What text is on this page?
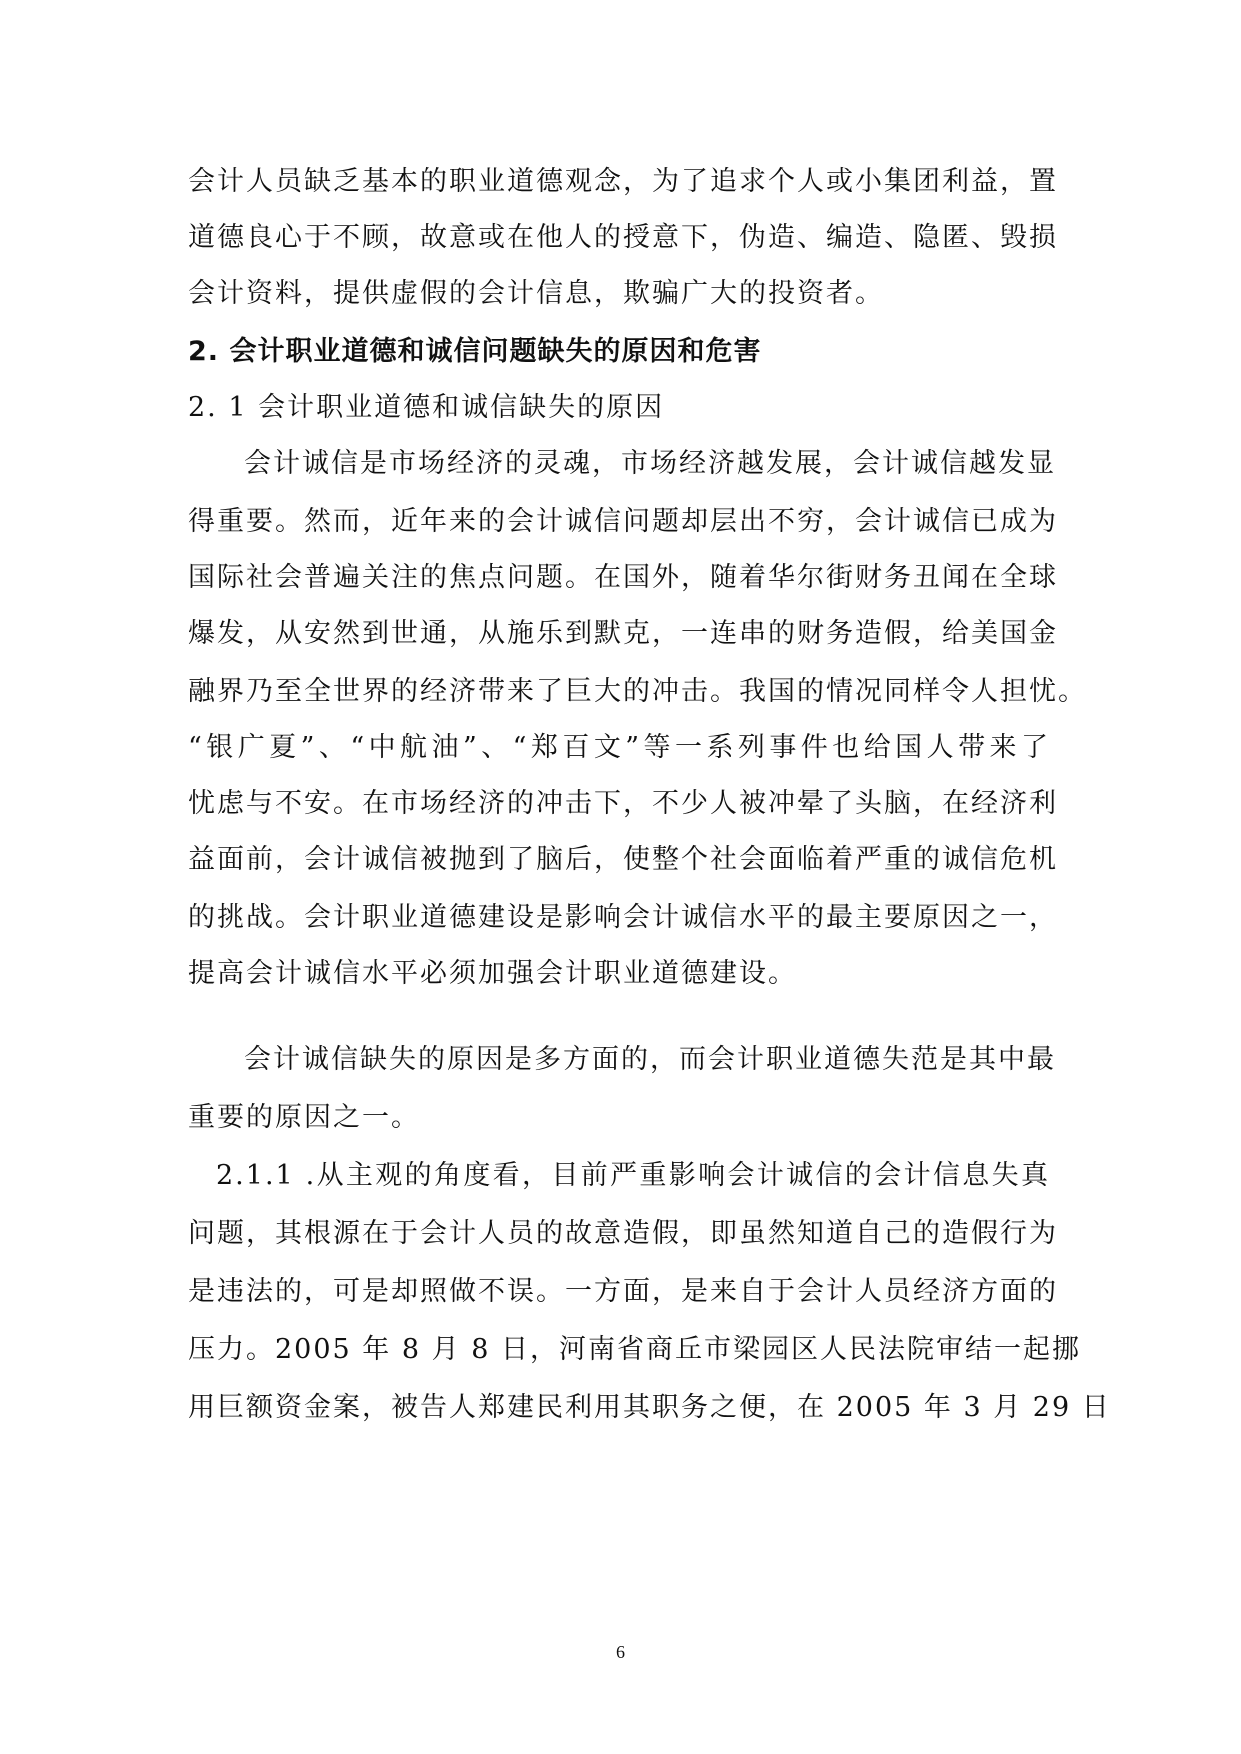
会计人员缺乏基本的职业道德观念，为了追求个人或小集团利益，置
道德良心于不顾，故意或在他人的授意下，伪造、编造、隐匿、毁损
会计资料，提供虚假的会计信息，欺骗广大的投资者。
2. 会计职业道德和诚信问题缺失的原因和危害
2. 1 会计职业道德和诚信缺失的原因
会计诚信是市场经济的灵魂，市场经济越发展，会计诚信越发显
得重要。然而，近年来的会计诚信问题却层出不穷，会计诚信已成为
国际社会普遍关注的焦点问题。在国外，随着华尔街财务丑闻在全球
爆发，从安然到世通，从施乐到默克，一连串的财务造假，给美国金
融界乃至全世界的经济带来了巨大的冲击。我国的情况同样令人担忧。
“银广夏”、“中航油”、“郑百文”等一系列事件也给国人带来了
忧虑与不安。在市场经济的冲击下，不少人被冲晕了头脑，在经济利
益面前，会计诚信被抛到了脑后，使整个社会面临着严重的诚信危机
的挑战。会计职业道德建设是影响会计诚信水平的最主要原因之一，
提高会计诚信水平必须加强会计职业道德建设。
会计诚信缺失的原因是多方面的，而会计职业道德失范是其中最
重要的原因之一。
2.1.1 .从主观的角度看，目前严重影响会计诚信的会计信息失真
问题，其根源在于会计人员的故意造假，即虽然知道自己的造假行为
是违法的，可是却照做不误。一方面，是来自于会计人员经济方面的
压力。2005 年 8 月 8 日，河南省商丘市梁园区人民法院审结一起挪
用巨额资金案，被告人郑建民利用其职务之便，在 2005 年 3 月 29 日
6
